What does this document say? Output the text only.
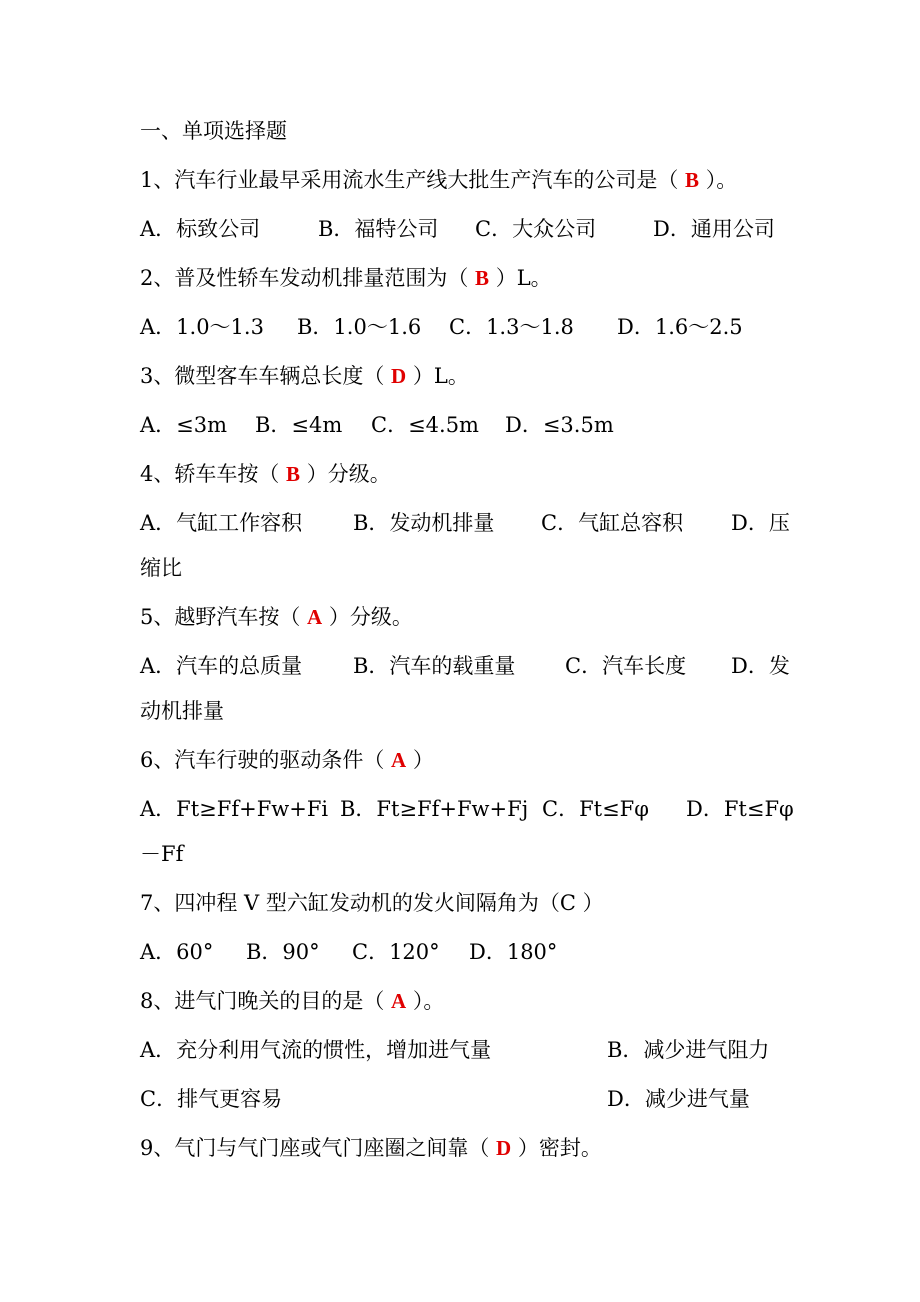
一、单项选择题
1、汽车行业最早采用流水生产线大批生产汽车的公司是（ B ）。
A．标致公司	B．福特公司 C．大众公司	D．通用公司
2、普及性轿车发动机排量范围为（ B ）L。
A．1.0～1.3 B．1.0～1.6 C．1.3～1.8 D．1.6～2.5
3、微型客车车辆总长度（ D ）L。
A．≤3m B．≤4m C．≤4.5m D．≤3.5m
4、轿车车按（ B ）分级。
A．气缸工作容积 B．发动机排量 C．气缸总容积 D．压
缩比
5、越野汽车按（ A ）分级。
A．汽车的总质量 B．汽车的载重量 C．汽车长度 D．发
动机排量
6、汽车行驶的驱动条件（ A ）
A．Ft≥Ff+Fw+Fi B．Ft≥Ff+Fw+Fj C．Ft≤Fφ D．Ft≤Fφ
－Ff
7、四冲程 V 型六缸发动机的发火间隔角为（C ）
A．60° B．90° C．120° D．180°
8、进气门晚关的目的是（ A ）。
A．充分利用气流的惯性，增加进气量	B．减少进气阻力
C．排气更容易	D．减少进气量
9、气门与气门座或气门座圈之间靠（ D ）密封。
